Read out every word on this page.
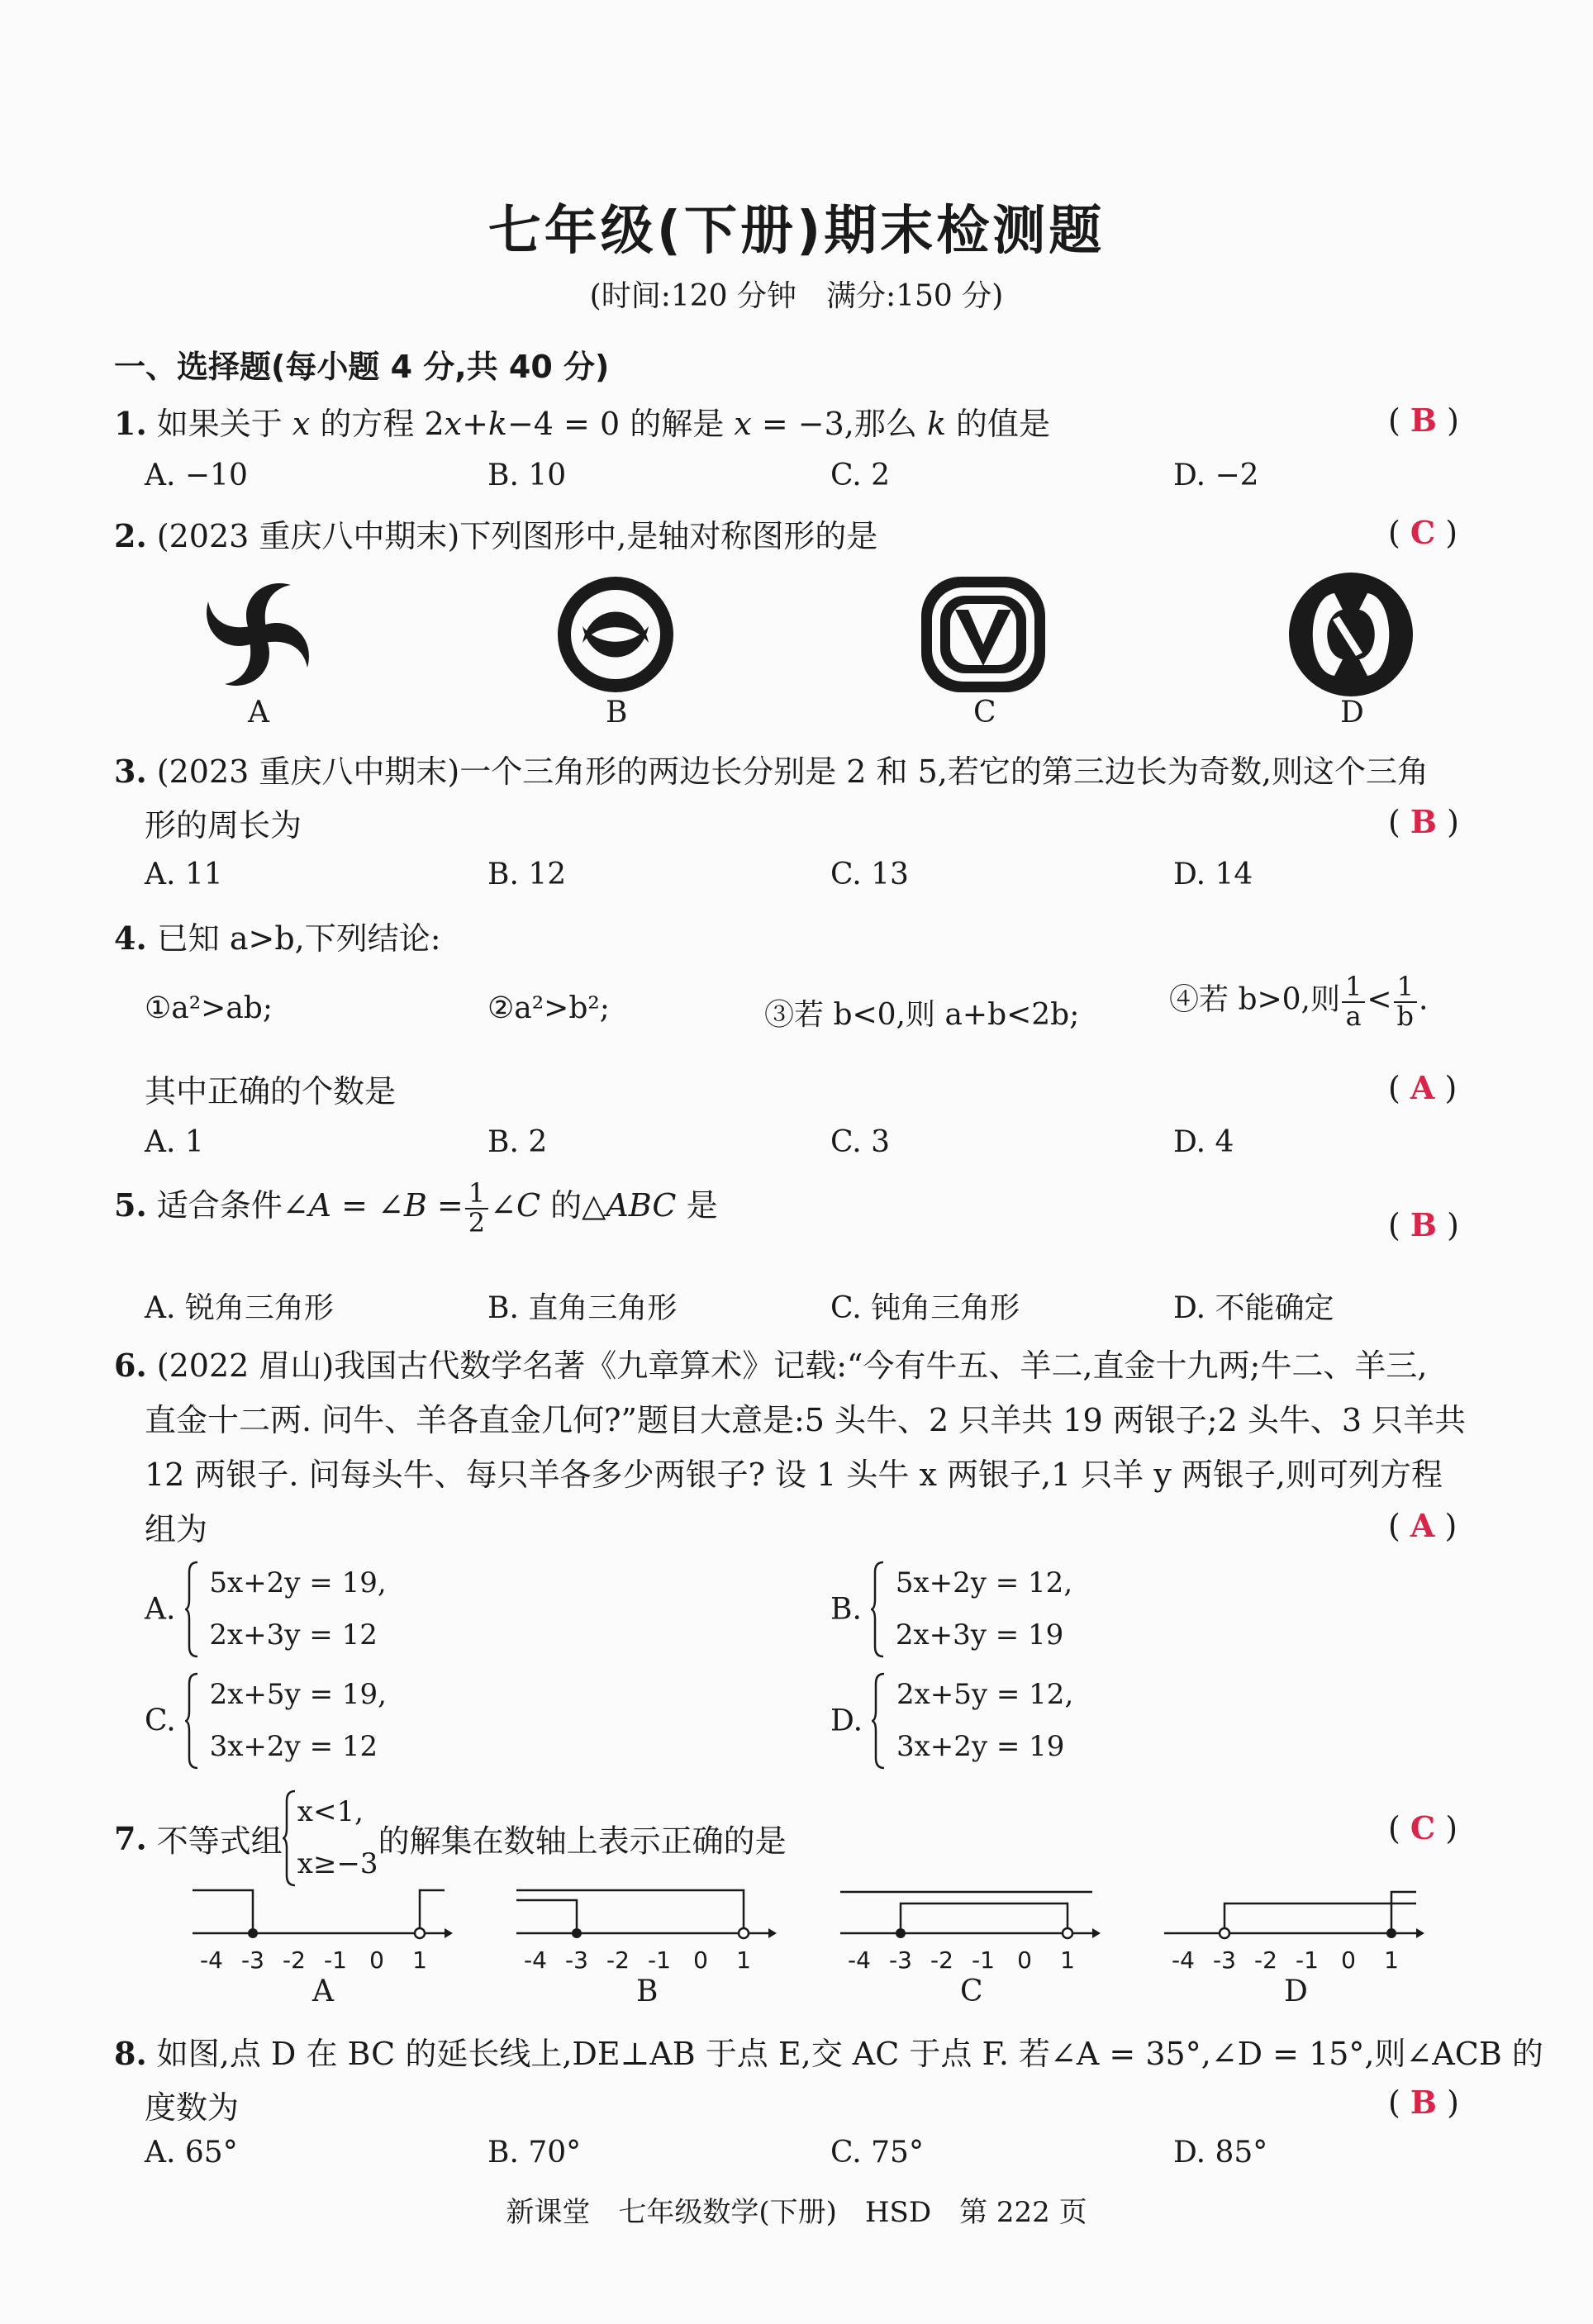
七年级(下册)期末检测题
(时间:120 分钟　满分:150 分)
一、选择题(每小题 4 分,共 40 分)
1. 如果关于 x 的方程 2x+k−4 = 0 的解是 x = −3,那么 k 的值是	( B )
A. −10	B. 10	C. 2	D. −2
2. (2023 重庆八中期末)下列图形中,是轴对称图形的是	( C )
A	B	C	D
3. (2023 重庆八中期末)一个三角形的两边长分别是 2 和 5,若它的第三边长为奇数,则这个三角
形的周长为	( B )
A. 11	B. 12	C. 13	D. 14
4. 已知 a>b,下列结论:
①a²>ab;	②a²>b²;	③若 b<0,则 a+b<2b;	④若 b>0,则 $\frac{1}{a} < \frac{1}{b}$ .
其中正确的个数是	( A )
A. 1	B. 2	C. 3	D. 4
5. 适合条件∠A = ∠B = $\frac{1}{2}$ ∠C 的△ABC 是
( B )
A. 锐角三角形	B. 直角三角形	C. 钝角三角形	D. 不能确定
6. (2022 眉山)我国古代数学名著《九章算术》记载:“今有牛五、羊二,直金十九两;牛二、羊三,
直金十二两. 问牛、羊各直金几何?”题目大意是:5 头牛、2 只羊共 19 两银子;2 头牛、3 只羊共
12 两银子. 问每头牛、每只羊各多少两银子? 设 1 头牛 x 两银子,1 只羊 y 两银子,则可列方程
组为	( A )
A.
5x+2y = 19,
2x+3y = 12
B.
5x+2y = 12,
2x+3y = 19
C.
2x+5y = 19,
3x+2y = 12
D.
2x+5y = 12,
3x+2y = 19
7. 不等式组
x<1,
x≥−3
的解集在数轴上表示正确的是	( C )
-4 -3 -2 -1 0 1	-4 -3 -2 -1 0 1	-4 -3 -2 -1 0 1	-4 -3 -2 -1 0 1
A	B	C	D
8. 如图,点 D 在 BC 的延长线上,DE⊥AB 于点 E,交 AC 于点 F. 若∠A = 35°,∠D = 15°,则∠ACB 的
度数为	( B )
A. 65°	B. 70°	C. 75°	D. 85°
新课堂　七年级数学(下册)　HSD　第 222 页
